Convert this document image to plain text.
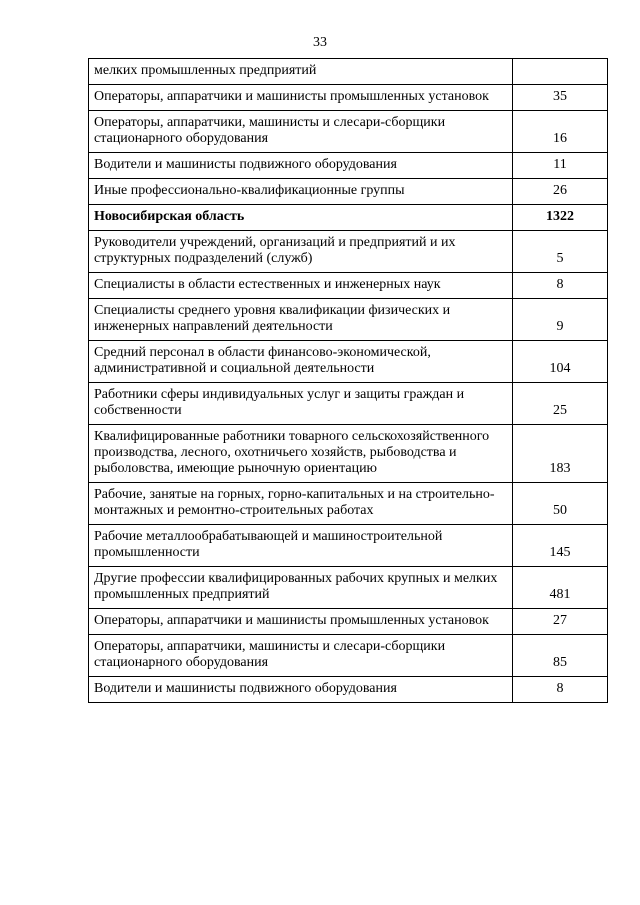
33
мелких промышленных предприятий	

Операторы, аппаратчики и машинисты промышленных установок	35

Операторы, аппаратчики, машинисты и слесари-сборщики стационарного оборудования	16

Водители и машинисты подвижного оборудования	11

Иные профессионально-квалификационные группы	26

Новосибирская область	1322

Руководители учреждений, организаций и предприятий и их структурных подразделений (служб)	5

Специалисты в области естественных и инженерных наук	8

Специалисты среднего уровня квалификации физических и инженерных направлений деятельности	9

Средний персонал в области финансово-экономической, административной и социальной деятельности	104

Работники сферы индивидуальных услуг и защиты граждан и собственности	25

Квалифицированные работники товарного сельскохозяйственного производства, лесного, охотничьего хозяйств, рыбоводства и рыболовства, имеющие рыночную ориентацию	183

Рабочие, занятые на горных, горно-капитальных и на строительно-монтажных и ремонтно-строительных работах	50

Рабочие металлообрабатывающей и машиностроительной промышленности	145

Другие профессии квалифицированных рабочих крупных и мелких промышленных предприятий	481

Операторы, аппаратчики и машинисты промышленных установок	27

Операторы, аппаратчики, машинисты и слесари-сборщики стационарного оборудования	85

Водители и машинисты подвижного оборудования	8
